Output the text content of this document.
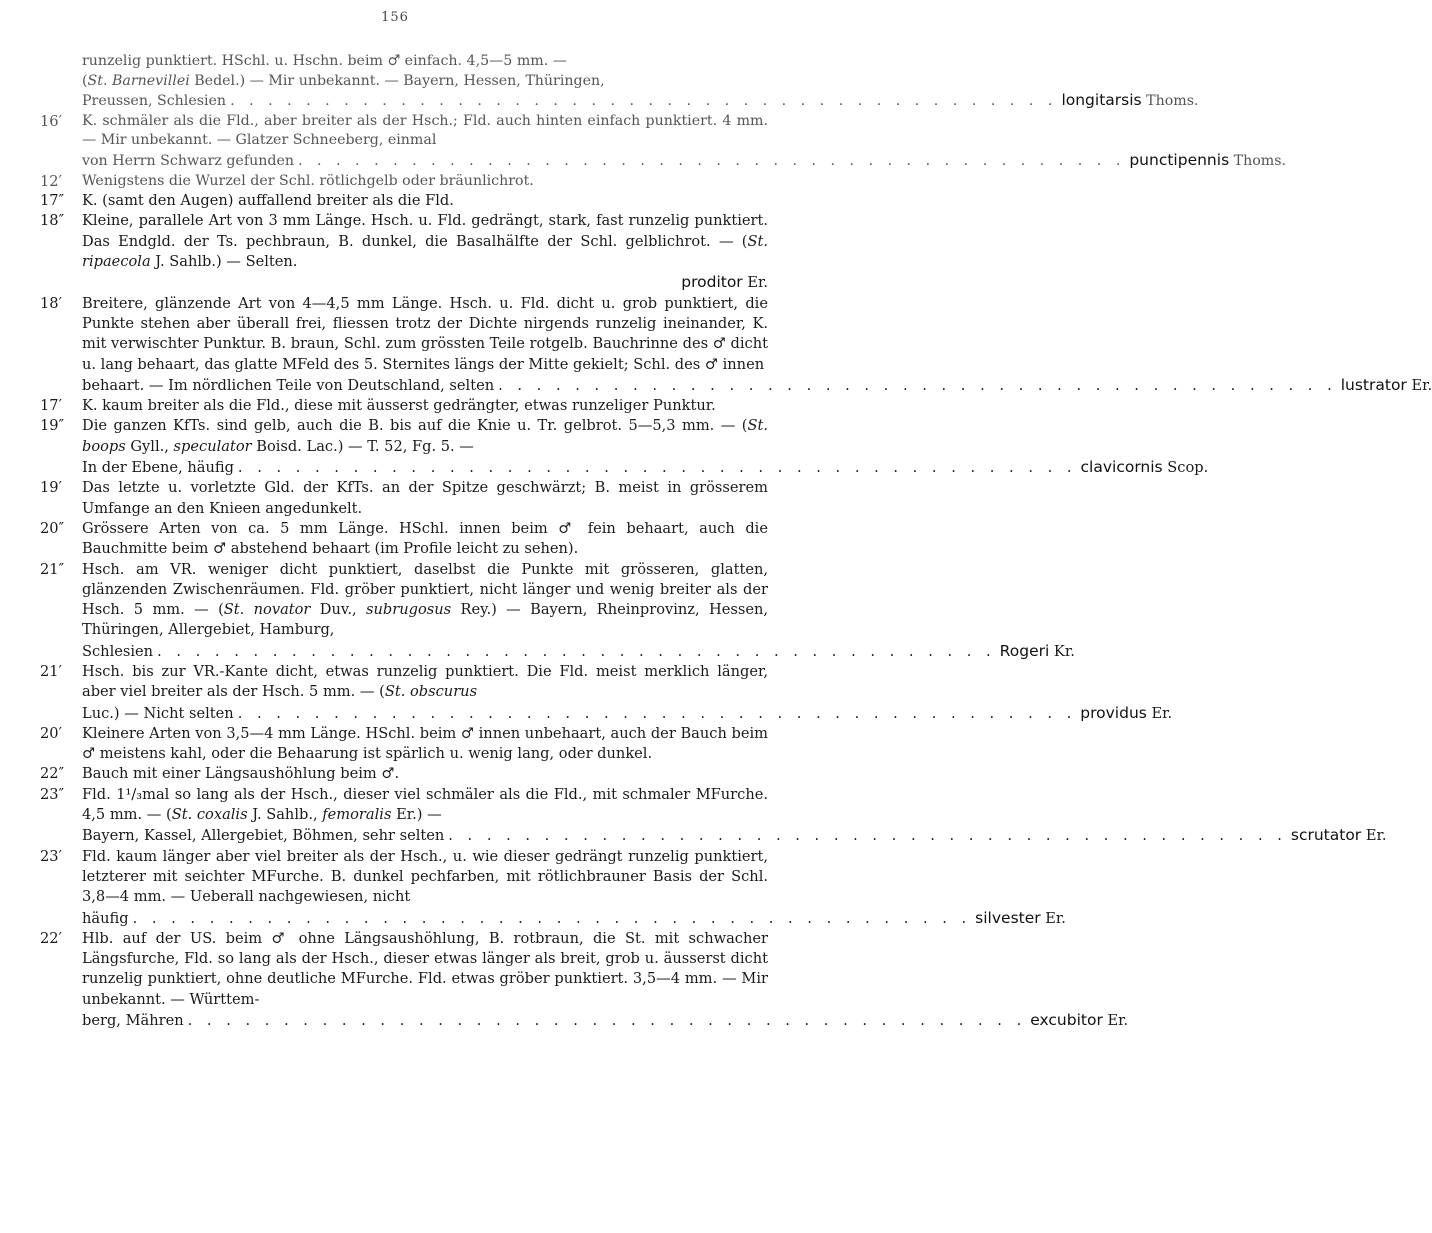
156
runzelig punktiert. HSchl. u. Hschn. beim ♂ einfach. 4,5—5 mm. —
(St. Barnevillei Bedel.) — Mir unbekannt. — Bayern, Hessen, Thüringen,
Preussen, Schlesien . . . . . . . . . . . . . . . . . . . . . . . . . . . . . . . . . . . . . . . . . . . . longitarsis Thoms.
16′	K. schmäler als die Fld., aber breiter als der Hsch.; Fld. auch hinten einfach punktiert. 4 mm. — Mir unbekannt. — Glatzer Schneeberg, einmal
von Herrn Schwarz gefunden . . . . . . . . . . . . . . . . . . . . . . . . . . . . . . . . . . . . . . . . . . . . punctipennis Thoms.
12′	Wenigstens die Wurzel der Schl. rötlichgelb oder bräunlichrot.
17″	K. (samt den Augen) auffallend breiter als die Fld.
18″	Kleine, parallele Art von 3 mm Länge. Hsch. u. Fld. gedrängt, stark, fast runzelig punktiert. Das Endgld. der Ts. pechbraun, B. dunkel, die Basalhälfte der Schl. gelblichrot. — (St. ripaecola J. Sahlb.) — Selten.
proditor Er.
18′	Breitere, glänzende Art von 4—4,5 mm Länge. Hsch. u. Fld. dicht u. grob punktiert, die Punkte stehen aber überall frei, fliessen trotz der Dichte nirgends runzelig ineinander, K. mit verwischter Punktur. B. braun, Schl. zum grössten Teile rotgelb. Bauchrinne des ♂ dicht u. lang behaart, das glatte MFeld des 5. Sternites längs der Mitte gekielt; Schl. des ♂ innen
behaart. — Im nördlichen Teile von Deutschland, selten . . . . . . . . . . . . . . . . . . . . . . . . . . . . . . . . . . . . . . . . . . . . lustrator Er.
17′	K. kaum breiter als die Fld., diese mit äusserst gedrängter, etwas runzeliger Punktur.
19″	Die ganzen KfTs. sind gelb, auch die B. bis auf die Knie u. Tr. gelbrot. 5—5,3 mm. — (St. boops Gyll., speculator Boisd. Lac.) — T. 52, Fg. 5. —
In der Ebene, häufig . . . . . . . . . . . . . . . . . . . . . . . . . . . . . . . . . . . . . . . . . . . . clavicornis Scop.
19′	Das letzte u. vorletzte Gld. der KfTs. an der Spitze geschwärzt; B. meist in grösserem Umfange an den Knieen angedunkelt.
20″	Grössere Arten von ca. 5 mm Länge. HSchl. innen beim ♂ fein behaart, auch die Bauchmitte beim ♂ abstehend behaart (im Profile leicht zu sehen).
21″	Hsch. am VR. weniger dicht punktiert, daselbst die Punkte mit grösseren, glatten, glänzenden Zwischenräumen. Fld. gröber punktiert, nicht länger und wenig breiter als der Hsch. 5 mm. — (St. novator Duv., subrugosus Rey.) — Bayern, Rheinprovinz, Hessen, Thüringen, Allergebiet, Hamburg,
Schlesien . . . . . . . . . . . . . . . . . . . . . . . . . . . . . . . . . . . . . . . . . . . . Rogeri Kr.
21′	Hsch. bis zur VR.-Kante dicht, etwas runzelig punktiert. Die Fld. meist merklich länger, aber viel breiter als der Hsch. 5 mm. — (St. obscurus
Luc.) — Nicht selten . . . . . . . . . . . . . . . . . . . . . . . . . . . . . . . . . . . . . . . . . . . . providus Er.
20′	Kleinere Arten von 3,5—4 mm Länge. HSchl. beim ♂ innen unbehaart, auch der Bauch beim ♂ meistens kahl, oder die Behaarung ist spärlich u. wenig lang, oder dunkel.
22″	Bauch mit einer Längsaushöhlung beim ♂.
23″	Fld. 1¹/₃mal so lang als der Hsch., dieser viel schmäler als die Fld., mit schmaler MFurche. 4,5 mm. — (St. coxalis J. Sahlb., femoralis Er.) —
Bayern, Kassel, Allergebiet, Böhmen, sehr selten . . . . . . . . . . . . . . . . . . . . . . . . . . . . . . . . . . . . . . . . . . . . scrutator Er.
23′	Fld. kaum länger aber viel breiter als der Hsch., u. wie dieser gedrängt runzelig punktiert, letzterer mit seichter MFurche. B. dunkel pechfarben, mit rötlichbrauner Basis der Schl. 3,8—4 mm. — Ueberall nachgewiesen, nicht
häufig . . . . . . . . . . . . . . . . . . . . . . . . . . . . . . . . . . . . . . . . . . . . silvester Er.
22′	Hlb. auf der US. beim ♂ ohne Längsaushöhlung, B. rotbraun, die St. mit schwacher Längsfurche, Fld. so lang als der Hsch., dieser etwas länger als breit, grob u. äusserst dicht runzelig punktiert, ohne deutliche MFurche. Fld. etwas gröber punktiert. 3,5—4 mm. — Mir unbekannt. — Württem-
berg, Mähren . . . . . . . . . . . . . . . . . . . . . . . . . . . . . . . . . . . . . . . . . . . . excubitor Er.
